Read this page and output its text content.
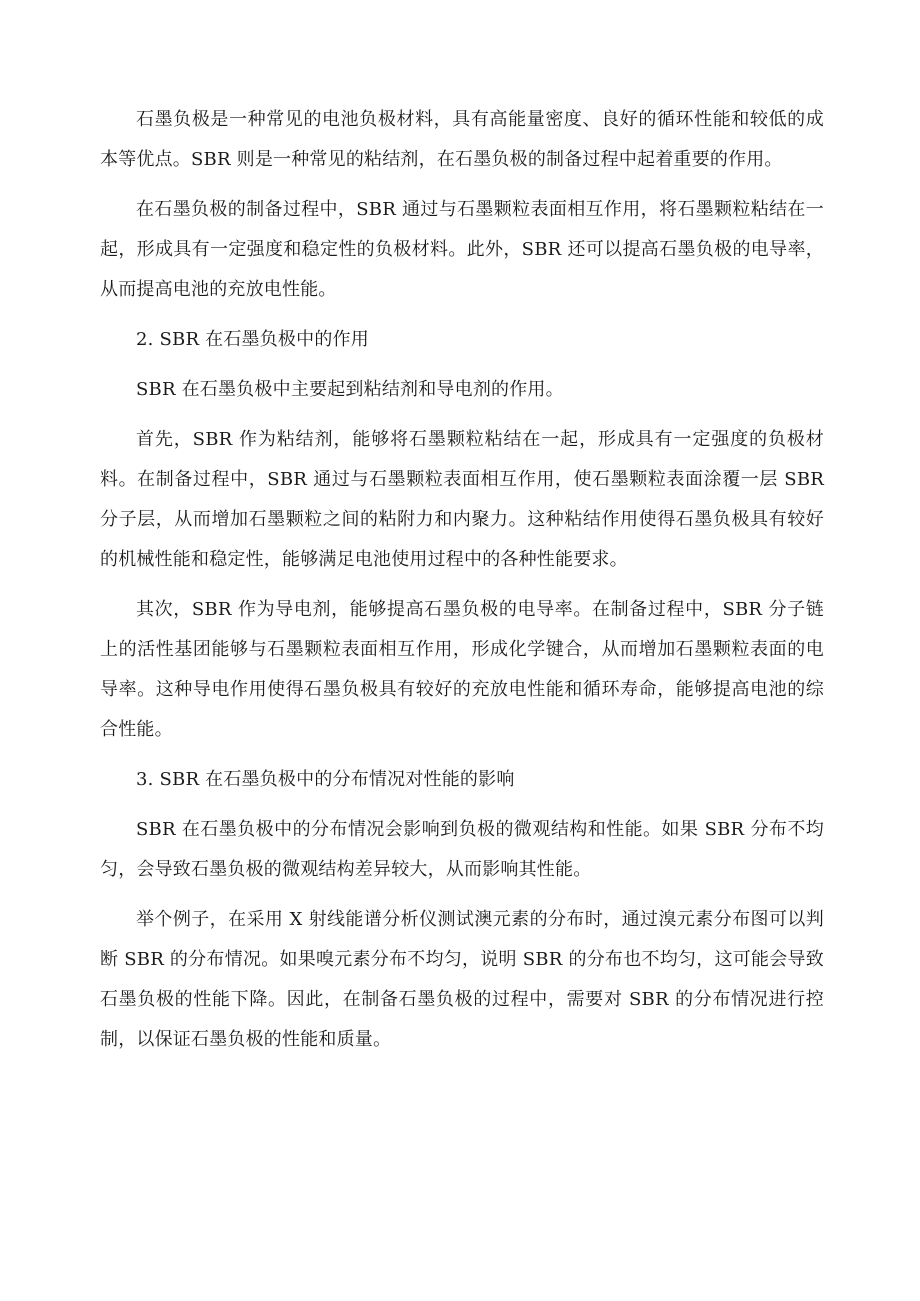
石墨负极是一种常见的电池负极材料，具有高能量密度、良好的循环性能和较低的成本等优点。SBR 则是一种常见的粘结剂，在石墨负极的制备过程中起着重要的作用。

在石墨负极的制备过程中，SBR 通过与石墨颗粒表面相互作用，将石墨颗粒粘结在一起，形成具有一定强度和稳定性的负极材料。此外，SBR 还可以提高石墨负极的电导率，从而提高电池的充放电性能。

2. SBR 在石墨负极中的作用

SBR 在石墨负极中主要起到粘结剂和导电剂的作用。

首先，SBR 作为粘结剂，能够将石墨颗粒粘结在一起，形成具有一定强度的负极材料。在制备过程中，SBR 通过与石墨颗粒表面相互作用，使石墨颗粒表面涂覆一层 SBR 分子层，从而增加石墨颗粒之间的粘附力和内聚力。这种粘结作用使得石墨负极具有较好的机械性能和稳定性，能够满足电池使用过程中的各种性能要求。

其次，SBR 作为导电剂，能够提高石墨负极的电导率。在制备过程中，SBR 分子链上的活性基团能够与石墨颗粒表面相互作用，形成化学键合，从而增加石墨颗粒表面的电导率。这种导电作用使得石墨负极具有较好的充放电性能和循环寿命，能够提高电池的综合性能。

3. SBR 在石墨负极中的分布情况对性能的影响

SBR 在石墨负极中的分布情况会影响到负极的微观结构和性能。如果 SBR 分布不均匀，会导致石墨负极的微观结构差异较大，从而影响其性能。

举个例子，在采用 X 射线能谱分析仪测试澳元素的分布时，通过溴元素分布图可以判断 SBR 的分布情况。如果嗅元素分布不均匀，说明 SBR 的分布也不均匀，这可能会导致石墨负极的性能下降。因此，在制备石墨负极的过程中，需要对 SBR 的分布情况进行控制，以保证石墨负极的性能和质量。
